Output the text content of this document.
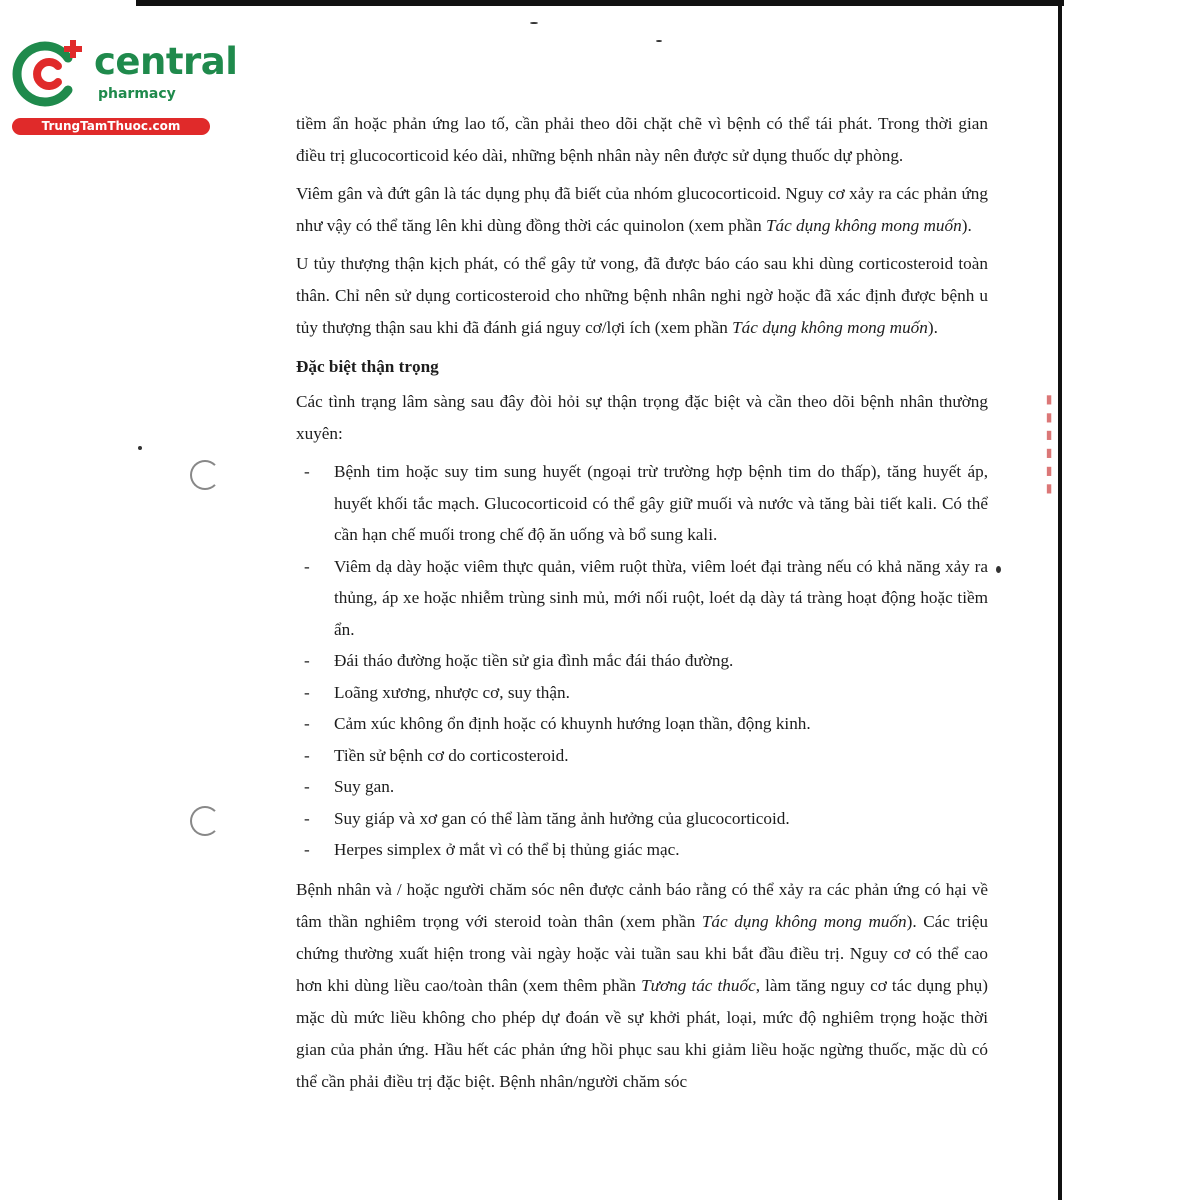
central
pharmacy
TrungTamThuoc.com
▮ ▮ ▮ ▮ ▮ ▮

tiềm ẩn hoặc phản ứng lao tố, cần phải theo dõi chặt chẽ vì bệnh có thể tái phát. Trong thời gian điều trị glucocorticoid kéo dài, những bệnh nhân này nên được sử dụng thuốc dự phòng.

Viêm gân và đứt gân là tác dụng phụ đã biết của nhóm glucocorticoid. Nguy cơ xảy ra các phản ứng như vậy có thể tăng lên khi dùng đồng thời các quinolon (xem phần Tác dụng không mong muốn).

U tủy thượng thận kịch phát, có thể gây tử vong, đã được báo cáo sau khi dùng corticosteroid toàn thân. Chỉ nên sử dụng corticosteroid cho những bệnh nhân nghi ngờ hoặc đã xác định được bệnh u tủy thượng thận sau khi đã đánh giá nguy cơ/lợi ích (xem phần Tác dụng không mong muốn).

Đặc biệt thận trọng

Các tình trạng lâm sàng sau đây đòi hỏi sự thận trọng đặc biệt và cần theo dõi bệnh nhân thường xuyên:

- Bệnh tim hoặc suy tim sung huyết (ngoại trừ trường hợp bệnh tim do thấp), tăng huyết áp, huyết khối tắc mạch. Glucocorticoid có thể gây giữ muối và nước và tăng bài tiết kali. Có thể cần hạn chế muối trong chế độ ăn uống và bổ sung kali.
- Viêm dạ dày hoặc viêm thực quản, viêm ruột thừa, viêm loét đại tràng nếu có khả năng xảy ra thủng, áp xe hoặc nhiễm trùng sinh mủ, mới nối ruột, loét dạ dày tá tràng hoạt động hoặc tiềm ẩn.
- Đái tháo đường hoặc tiền sử gia đình mắc đái tháo đường.
- Loãng xương, nhược cơ, suy thận.
- Cảm xúc không ổn định hoặc có khuynh hướng loạn thần, động kinh.
- Tiền sử bệnh cơ do corticosteroid.
- Suy gan.
- Suy giáp và xơ gan có thể làm tăng ảnh hưởng của glucocorticoid.
- Herpes simplex ở mắt vì có thể bị thủng giác mạc.

Bệnh nhân và / hoặc người chăm sóc nên được cảnh báo rằng có thể xảy ra các phản ứng có hại về tâm thần nghiêm trọng với steroid toàn thân (xem phần Tác dụng không mong muốn). Các triệu chứng thường xuất hiện trong vài ngày hoặc vài tuần sau khi bắt đầu điều trị. Nguy cơ có thể cao hơn khi dùng liều cao/toàn thân (xem thêm phần Tương tác thuốc, làm tăng nguy cơ tác dụng phụ) mặc dù mức liều không cho phép dự đoán về sự khởi phát, loại, mức độ nghiêm trọng hoặc thời gian của phản ứng. Hầu hết các phản ứng hồi phục sau khi giảm liều hoặc ngừng thuốc, mặc dù có thể cần phải điều trị đặc biệt. Bệnh nhân/người chăm sóc
